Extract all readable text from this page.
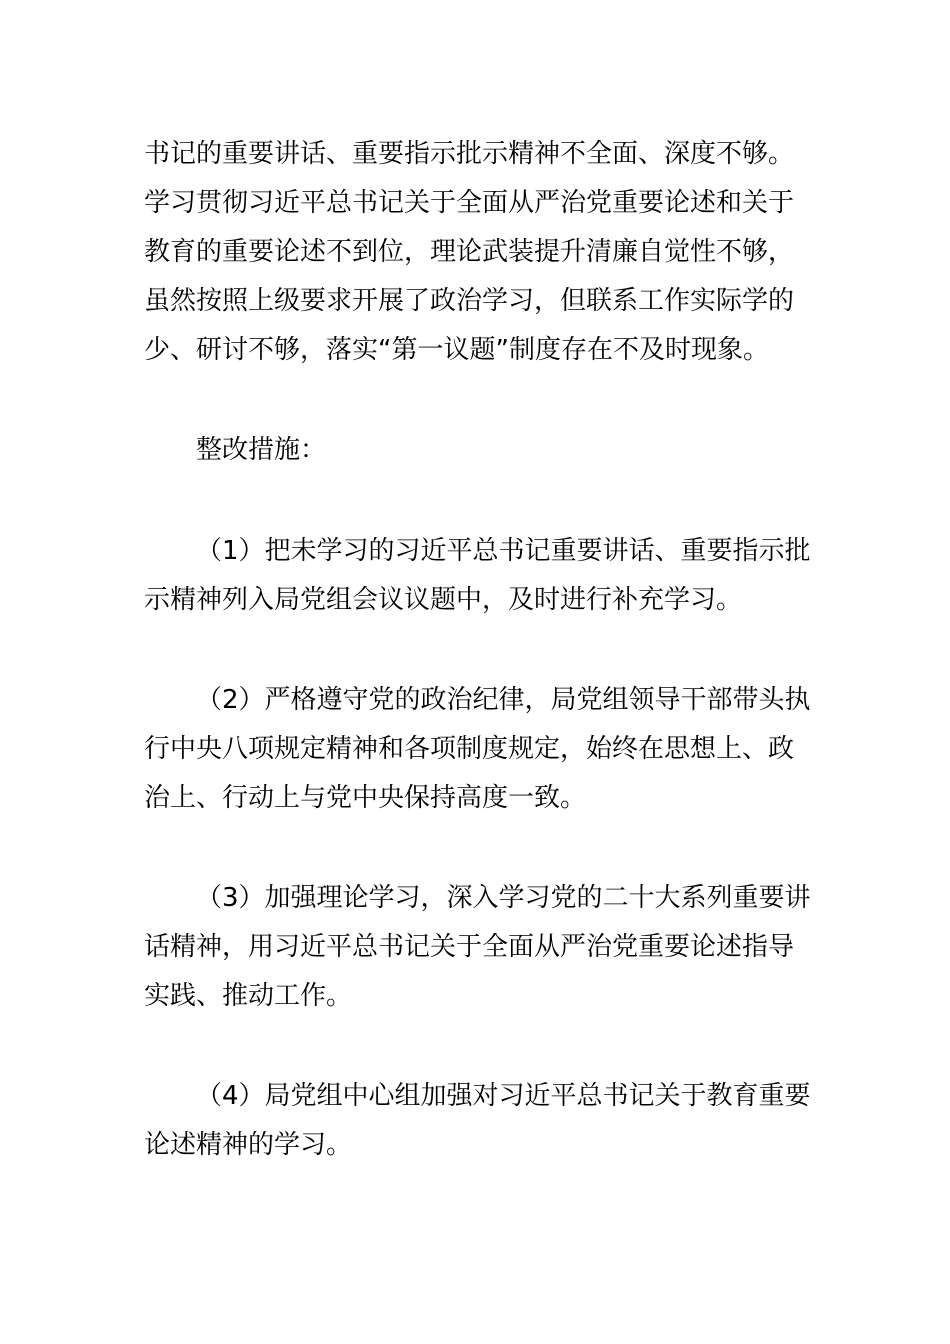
书记的重要讲话、重要指示批示精神不全面、深度不够。
学习贯彻习近平总书记关于全面从严治党重要论述和关于
教育的重要论述不到位，理论武装提升清廉自觉性不够，
虽然按照上级要求开展了政治学习，但联系工作实际学的
少、研讨不够，落实“第一议题”制度存在不及时现象。
整改措施：
（1）把未学习的习近平总书记重要讲话、重要指示批
示精神列入局党组会议议题中，及时进行补充学习。
（2）严格遵守党的政治纪律，局党组领导干部带头执
行中央八项规定精神和各项制度规定，始终在思想上、政
治上、行动上与党中央保持高度一致。
（3）加强理论学习，深入学习党的二十大系列重要讲
话精神，用习近平总书记关于全面从严治党重要论述指导
实践、推动工作。
（4）局党组中心组加强对习近平总书记关于教育重要
论述精神的学习。
